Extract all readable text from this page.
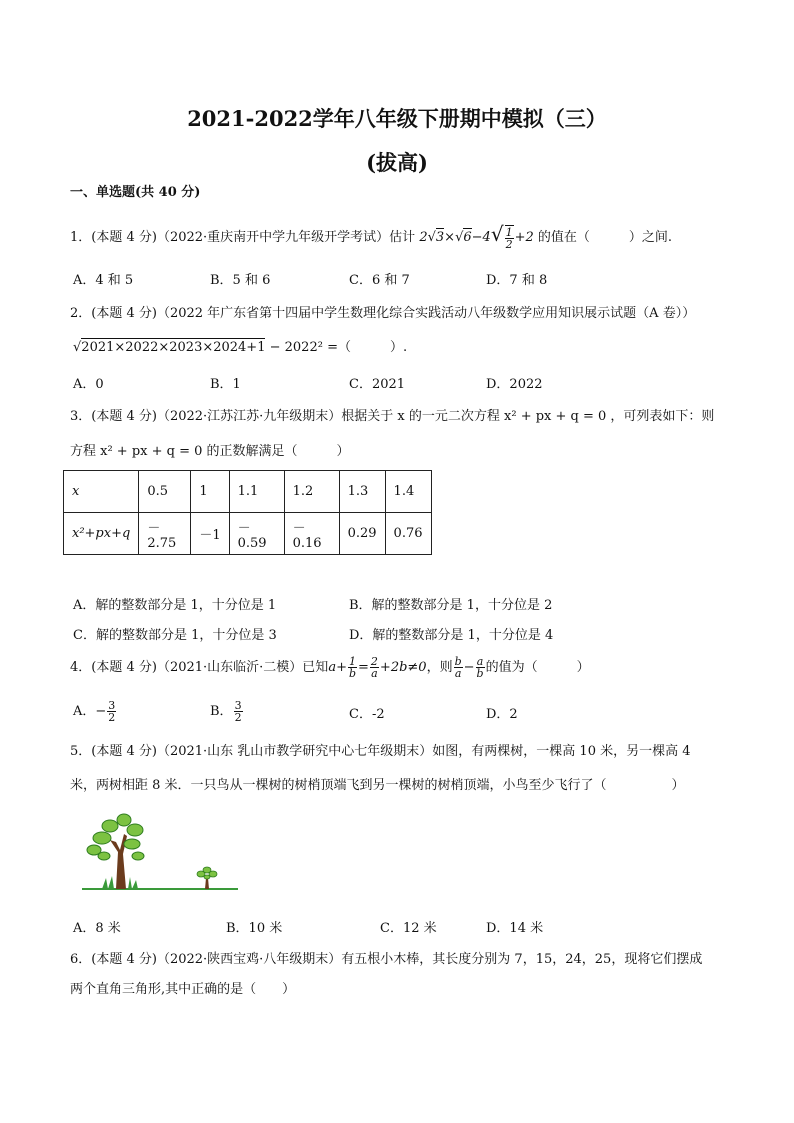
2021-2022学年八年级下册期中模拟（三）
(拔高)
一、单选题(共 40 分)
1．(本题 4 分)（2022·重庆南开中学九年级开学考试）估计 $2√3\times√6-4√ \frac{1}{2} +2$ 的值在（　　　）之间.
A．4 和 5	B．5 和 6	C．6 和 7	D．7 和 8
2．(本题 4 分)（2022 年广东省第十四届中学生数理化综合实践活动八年级数学应用知识展示试题（A 卷））
√2021×2022×2023×2024+1 − 2022² =（　　　）.
A．0	B．1	C．2021	D．2022
3．(本题 4 分)（2022·江苏江苏·九年级期末）根据关于 x 的一元二次方程 x² + px + q = 0 ，可列表如下：则
方程 x² + px + q = 0 的正数解满足（　　　）
x	0.5	1	1.1	1.2	1.3	1.4
x²+px+q	－2.75	－1	－0.59	－0.16	0.29	0.76
A．解的整数部分是 1，十分位是 1	B．解的整数部分是 1，十分位是 2
C．解的整数部分是 1，十分位是 3	D．解的整数部分是 1，十分位是 4
4．(本题 4 分)（2021·山东临沂·二模）已知$a+ \frac{1}{b} = \frac{2}{a} +2b\ne 0$，则 $\frac{b}{a} - \frac{a}{b}$ 的值为（　　　）
A．− $\frac{3}{2}$	B． $\frac{3}{2}$	C．-2	D．2
5．(本题 4 分)（2021·山东 乳山市教学研究中心七年级期末）如图，有两棵树，一棵高 10 米，另一棵高 4
米，两树相距 8 米．一只鸟从一棵树的树梢顶端飞到另一棵树的树梢顶端，小鸟至少飞行了（　　　　　）
A．8 米	B．10 米	C．12 米	D．14 米
6．(本题 4 分)（2022·陕西宝鸡·八年级期末）有五根小木棒，其长度分别为 7，15，24，25，现将它们摆成
两个直角三角形,其中正确的是（　　）
